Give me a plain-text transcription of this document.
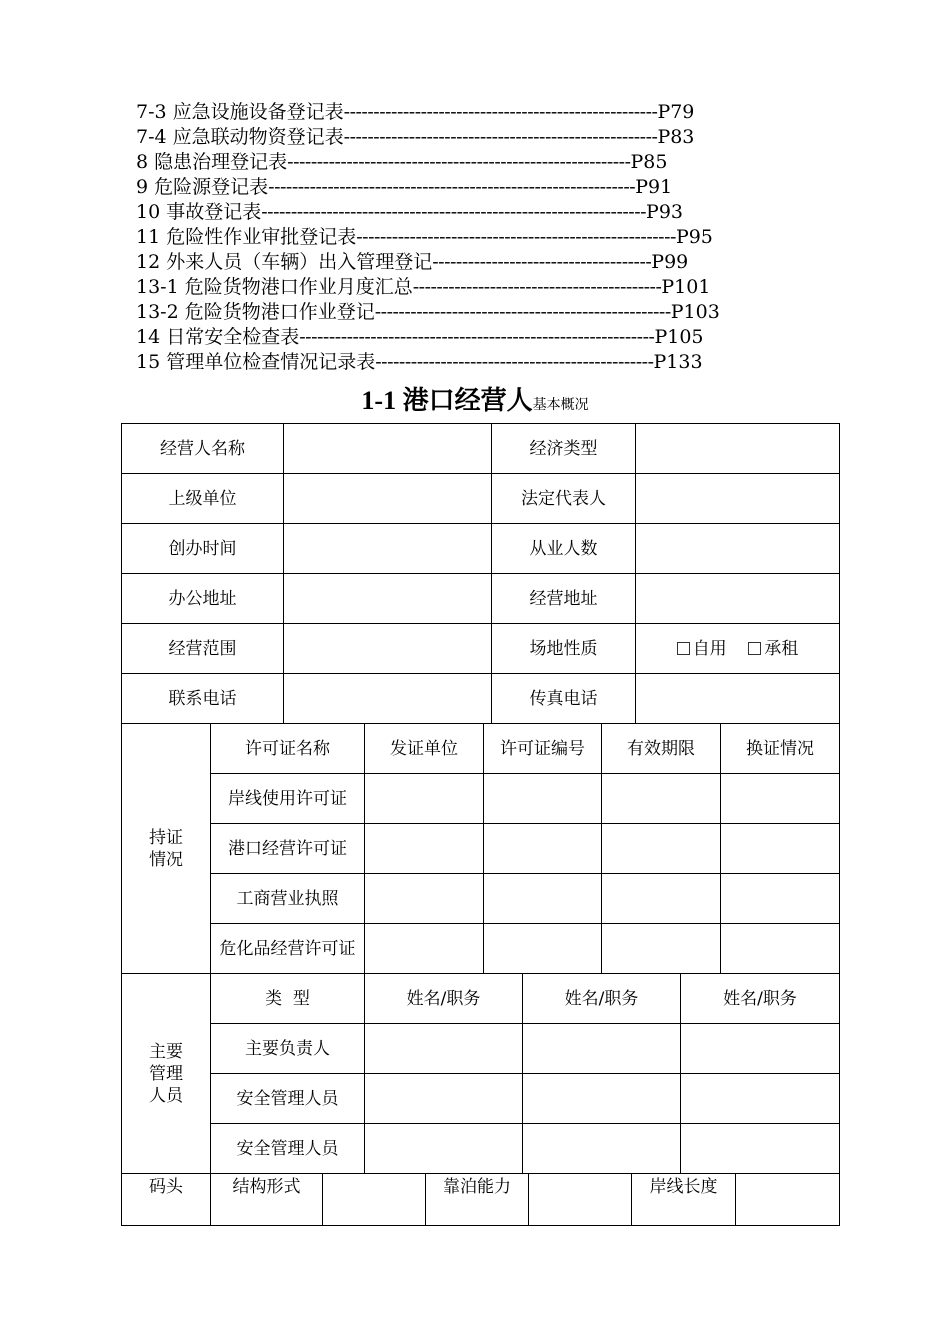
7-3 应急设施设备登记表-----------------------------------------------------P79
7-4 应急联动物资登记表-----------------------------------------------------P83
8 隐患治理登记表----------------------------------------------------------P85
9 危险源登记表--------------------------------------------------------------P91
10 事故登记表-----------------------------------------------------------------P93
11 危险性作业审批登记表------------------------------------------------------P95
12 外来人员（车辆）出入管理登记-------------------------------------P99
13-1 危险货物港口作业月度汇总------------------------------------------P101
13-2 危险货物港口作业登记--------------------------------------------------P103
14 日常安全检查表------------------------------------------------------------P105
15 管理单位检查情况记录表-----------------------------------------------P133
1-1 港口经营人基本概况
经营人名称		经济类型	
上级单位		法定代表人	
创办时间		从业人数	
办公地址		经营地址	
经营范围		场地性质	自用 承租
联系电话		传真电话	
持证
情况	许可证名称	发证单位	许可证编号	有效期限	换证情况
	岸线使用许可证				
	港口经营许可证				
	工商营业执照				
	危化品经营许可证				
主要
管理
人员	类  型	姓名/职务	姓名/职务	姓名/职务
	主要负责人			
	安全管理人员			
	安全管理人员			
码头	结构形式		靠泊能力		岸线长度	
